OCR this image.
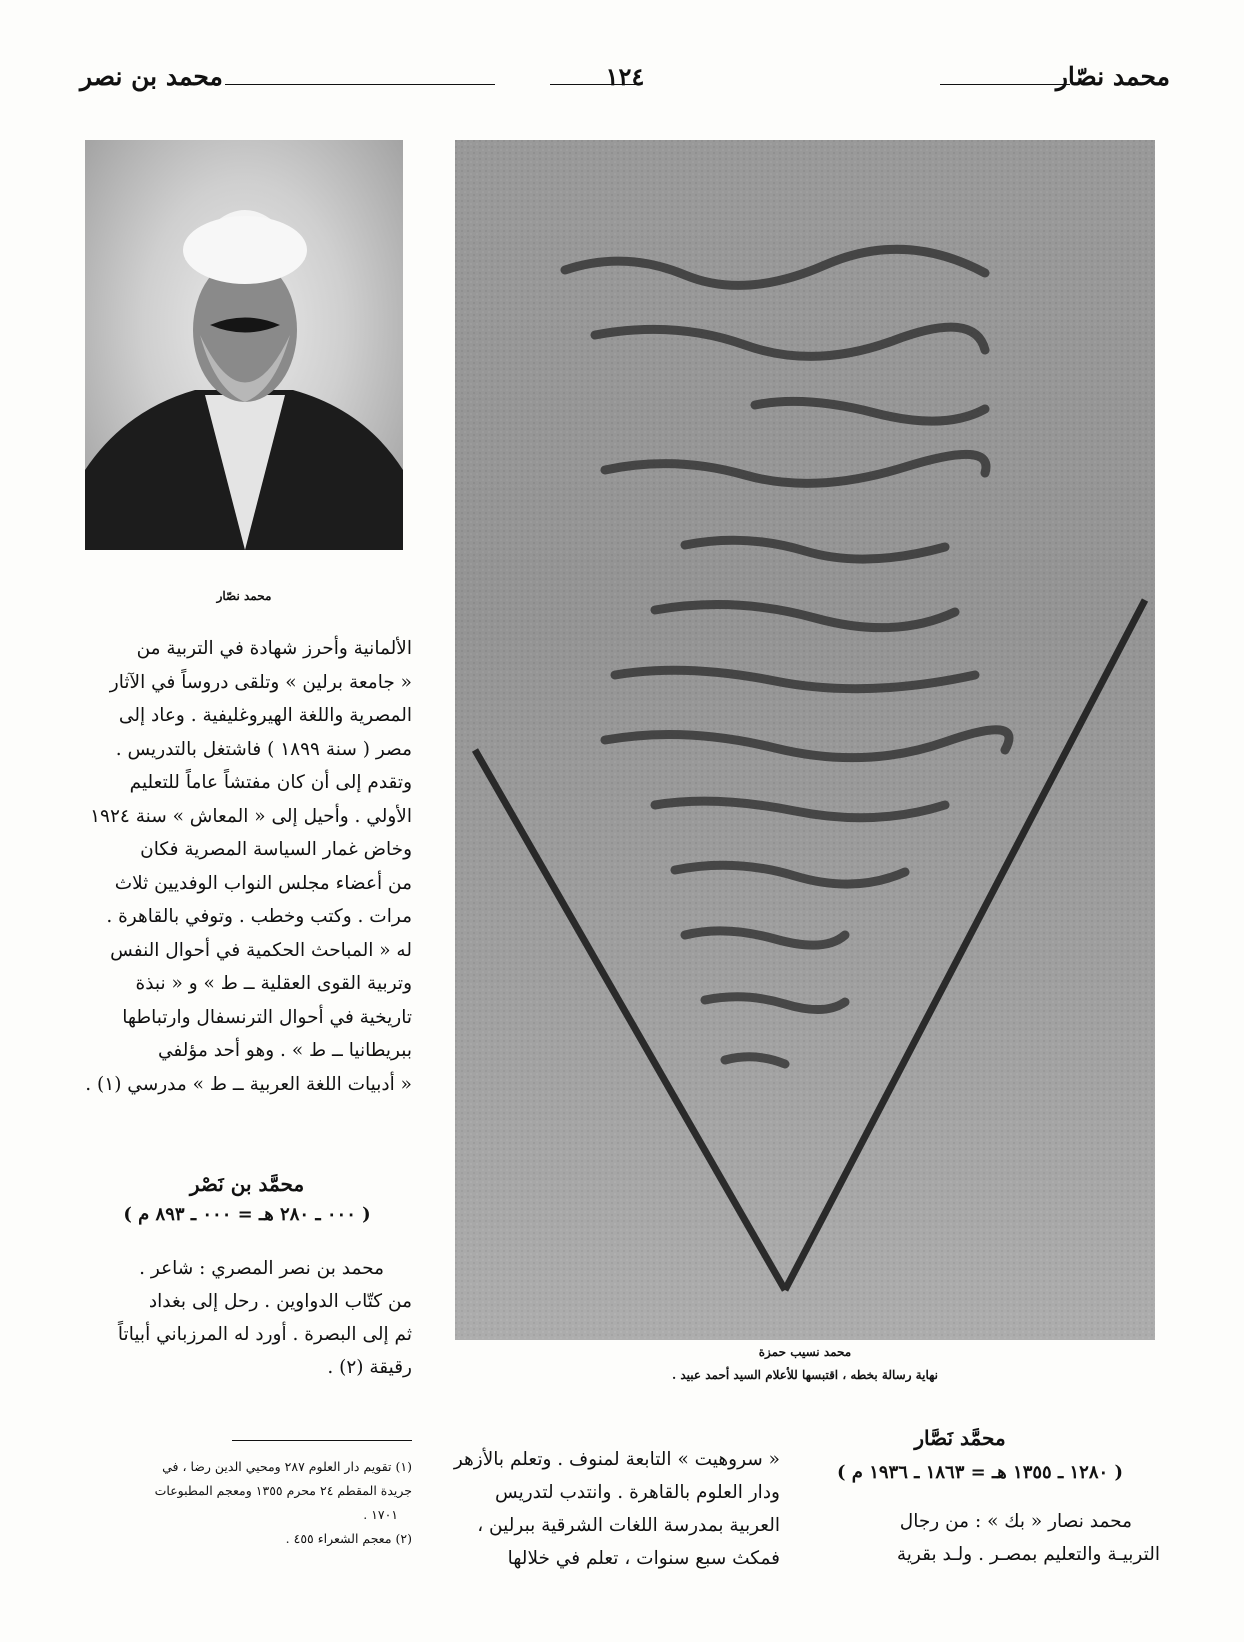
محمد نصّار
١٢٤
محمد بن نصر
محمد نصّار
محمد نسيب حمزة
نهاية رسالة بخطه ، اقتبسها للأعلام السيد أحمد عبيد .

الألمانية وأحرز شهادة في التربية من

« جامعة برلين » وتلقى دروساً في الآثار

المصرية واللغة الهيروغليفية . وعاد إلى

مصر ( سنة ١٨٩٩ ) فاشتغل بالتدريس .

وتقدم إلى أن كان مفتشاً عاماً للتعليم

الأولي . وأحيل إلى « المعاش » سنة ١٩٢٤

وخاض غمار السياسة المصرية فكان

من أعضاء مجلس النواب الوفديين ثلاث

مرات . وكتب وخطب . وتوفي بالقاهرة .

له « المباحث الحكمية في أحوال النفس

وتربية القوى العقلية ــ ط » و « نبذة

تاريخية في أحوال الترنسفال وارتباطها

ببريطانيا ــ ط » . وهو أحد مؤلفي

« أدبيات اللغة العربية ــ ط » مدرسي (١) .

محمَّد بن نَصْر
( ٠٠٠ ـ ٢٨٠ هـ = ٠٠٠ ـ ٨٩٣ م )

محمد بن نصر المصري : شاعر .

من كتّاب الدواوين . رحل إلى بغداد

ثم إلى البصرة . أورد له المرزباني أبياتاً

رقيقة (٢) .

(١) تقويم دار العلوم ٢٨٧ ومحيي الدين رضا ، في

جريدة المقطم ٢٤ محرم ١٣٥٥ ومعجم المطبوعات

١٧٠١ .

(٢) معجم الشعراء ٤٥٥ .

محمَّد نَصَّار
( ١٢٨٠ ـ ١٣٥٥ هـ = ١٨٦٣ ـ ١٩٣٦ م )

محمد نصار « بك » : من رجال

التربيـة والتعليم بمصـر . ولـد بقرية

« سروهيت » التابعة لمنوف . وتعلم بالأزهر

ودار العلوم بالقاهرة . وانتدب لتدريس

العربية بمدرسة اللغات الشرقية ببرلين ،

فمكث سبع سنوات ، تعلم في خلالها
